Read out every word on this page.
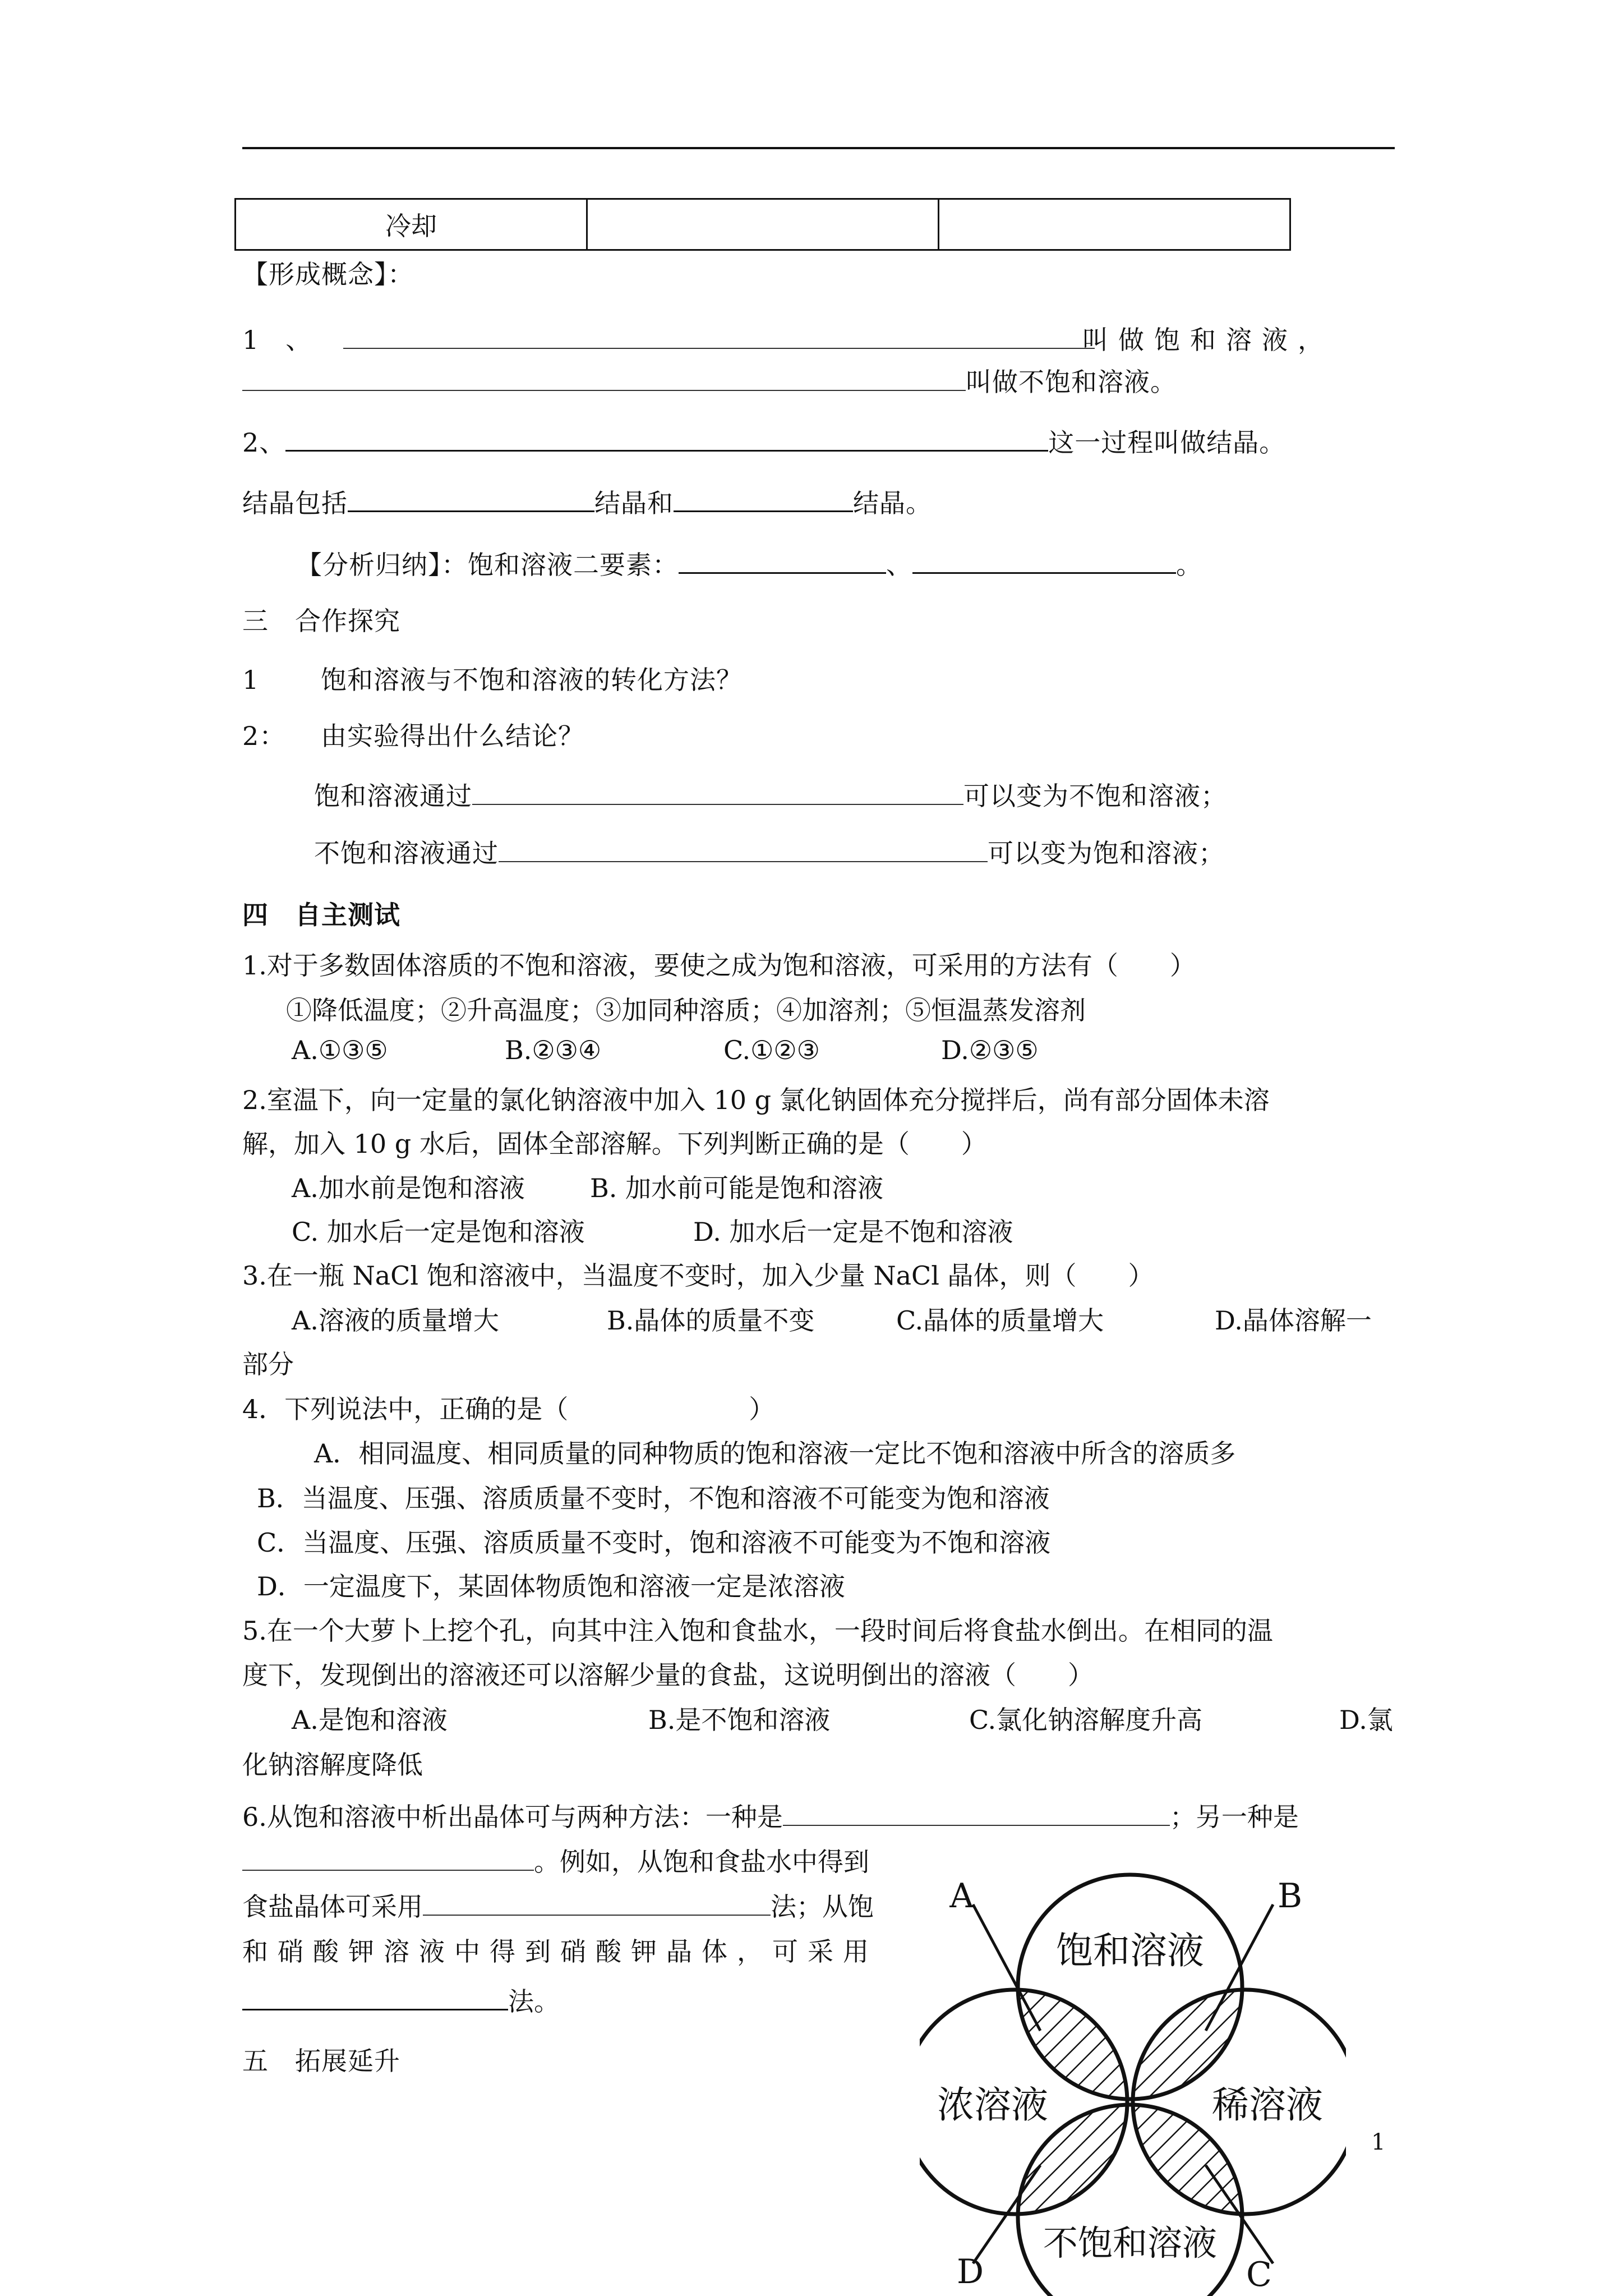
冷却		
【形成概念】：
1　、	叫做饱和溶液，
叫做不饱和溶液。
2、	这一过程叫做结晶。
结晶包括	结晶和	结晶。
【分析归纳】：饱和溶液二要素：	、	。
三　合作探究
1 饱和溶液与不饱和溶液的转化方法？
2： 由实验得出什么结论？
饱和溶液通过	可以变为不饱和溶液；
不饱和溶液通过	可以变为饱和溶液；
四　自主测试
1.对于多数固体溶质的不饱和溶液，要使之成为饱和溶液，可采用的方法有（　　）
①降低温度；②升高温度；③加同种溶质；④加溶剂；⑤恒温蒸发溶剂
A.①③⑤	B.②③④	C.①②③	D.②③⑤
2.室温下，向一定量的氯化钠溶液中加入 10 g 氯化钠固体充分搅拌后，尚有部分固体未溶
解，加入 10 g 水后，固体全部溶解。下列判断正确的是（　　）
A.加水前是饱和溶液	B. 加水前可能是饱和溶液
C. 加水后一定是饱和溶液	D. 加水后一定是不饱和溶液
3.在一瓶 NaCl 饱和溶液中，当温度不变时，加入少量 NaCl 晶体，则（　　）
A.溶液的质量增大	B.晶体的质量不变	C.晶体的质量增大	D.晶体溶解一
部分
4．下列说法中，正确的是（　　　　　　　）
A．相同温度、相同质量的同种物质的饱和溶液一定比不饱和溶液中所含的溶质多
B．当温度、压强、溶质质量不变时，不饱和溶液不可能变为饱和溶液
C．当温度、压强、溶质质量不变时，饱和溶液不可能变为不饱和溶液
D．一定温度下，某固体物质饱和溶液一定是浓溶液
5.在一个大萝卜上挖个孔，向其中注入饱和食盐水，一段时间后将食盐水倒出。在相同的温
度下，发现倒出的溶液还可以溶解少量的食盐，这说明倒出的溶液（　　）
A.是饱和溶液	B.是不饱和溶液	C.氯化钠溶解度升高	D.氯
化钠溶解度降低
6.从饱和溶液中析出晶体可与两种方法：一种是	；另一种是
。例如，从饱和食盐水中得到
食盐晶体可采用	法；从饱
和硝酸钾溶液中得到硝酸钾晶体，可采用
法。
五　拓展延升
饱和溶液
浓溶液	稀溶液
不饱和溶液
A	B
C
D
1
